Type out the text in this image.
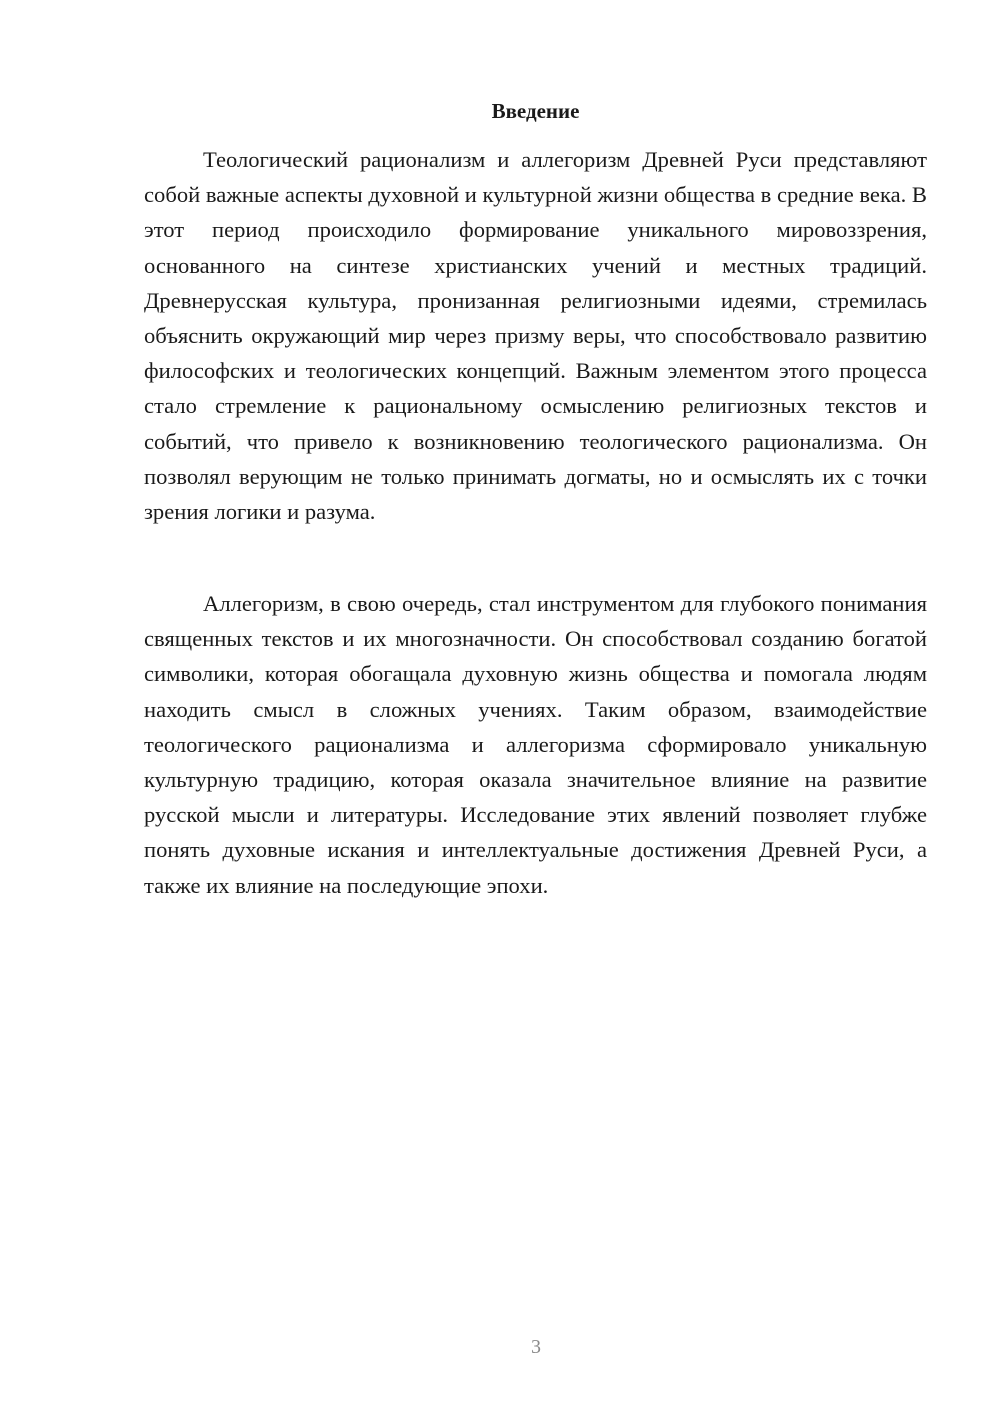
Введение

Теологический рационализм и аллегоризм Древней Руси представляют собой важные аспекты духовной и культурной жизни общества в средние века. В этот период происходило формирование уникального мировоззрения, основанного на синтезе христианских учений и местных традиций. Древнерусская культура, пронизанная религиозными идеями, стремилась объяснить окружающий мир через призму веры, что способствовало развитию философских и теологических концепций. Важным элементом этого процесса стало стремление к рациональному осмыслению религиозных текстов и событий, что привело к возникновению теологического рационализма. Он позволял верующим не только принимать догматы, но и осмыслять их с точки зрения логики и разума.

Аллегоризм, в свою очередь, стал инструментом для глубокого понимания священных текстов и их многозначности. Он способствовал созданию богатой символики, которая обогащала духовную жизнь общества и помогала людям находить смысл в сложных учениях. Таким образом, взаимодействие теологического рационализма и аллегоризма сформировало уникальную культурную традицию, которая оказала значительное влияние на развитие русской мысли и литературы. Исследование этих явлений позволяет глубже понять духовные искания и интеллектуальные достижения Древней Руси, а также их влияние на последующие эпохи.

3
